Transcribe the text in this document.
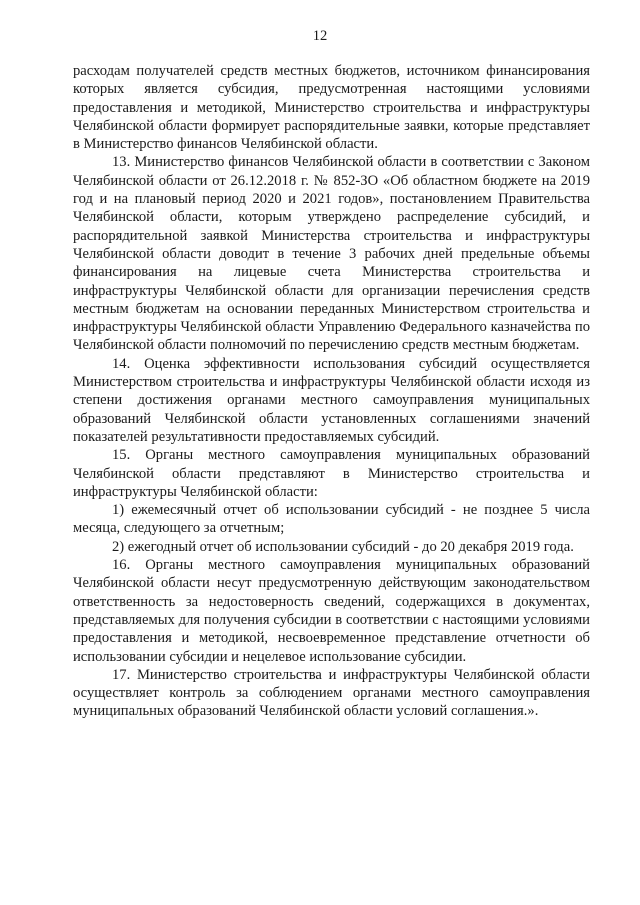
12

расходам получателей средств местных бюджетов, источником финансирования которых является субсидия, предусмотренная настоящими условиями предоставления и методикой, Министерство строительства и инфраструктуры Челябинской области формирует распорядительные заявки, которые представляет в Министерство финансов Челябинской области.

13. Министерство финансов Челябинской области в соответствии с Законом Челябинской области от 26.12.2018 г. № 852-ЗО «Об областном бюджете на 2019 год и на плановый период 2020 и 2021 годов», постановлением Правительства Челябинской области, которым утверждено распределение субсидий, и распорядительной заявкой Министерства строительства и инфраструктуры Челябинской области доводит в течение 3 рабочих дней предельные объемы финансирования на лицевые счета Министерства строительства и инфраструктуры Челябинской области для организации перечисления средств местным бюджетам на основании переданных Министерством строительства и инфраструктуры Челябинской области Управлению Федерального казначейства по Челябинской области полномочий по перечислению средств местным бюджетам.

14. Оценка эффективности использования субсидий осуществляется Министерством строительства и инфраструктуры Челябинской области исходя из степени достижения органами местного самоуправления муниципальных образований Челябинской области установленных соглашениями значений показателей результативности предоставляемых субсидий.

15. Органы местного самоуправления муниципальных образований Челябинской области представляют в Министерство строительства и инфраструктуры Челябинской области:

1) ежемесячный отчет об использовании субсидий - не позднее 5 числа месяца, следующего за отчетным;

2) ежегодный отчет об использовании субсидий - до 20 декабря 2019 года.

16. Органы местного самоуправления муниципальных образований Челябинской области несут предусмотренную действующим законодательством ответственность за недостоверность сведений, содержащихся в документах, представляемых для получения субсидии в соответствии с настоящими условиями предоставления и методикой, несвоевременное представление отчетности об использовании субсидии и нецелевое использование субсидии.

17. Министерство строительства и инфраструктуры Челябинской области осуществляет контроль за соблюдением органами местного самоуправления муниципальных образований Челябинской области условий соглашения.».
